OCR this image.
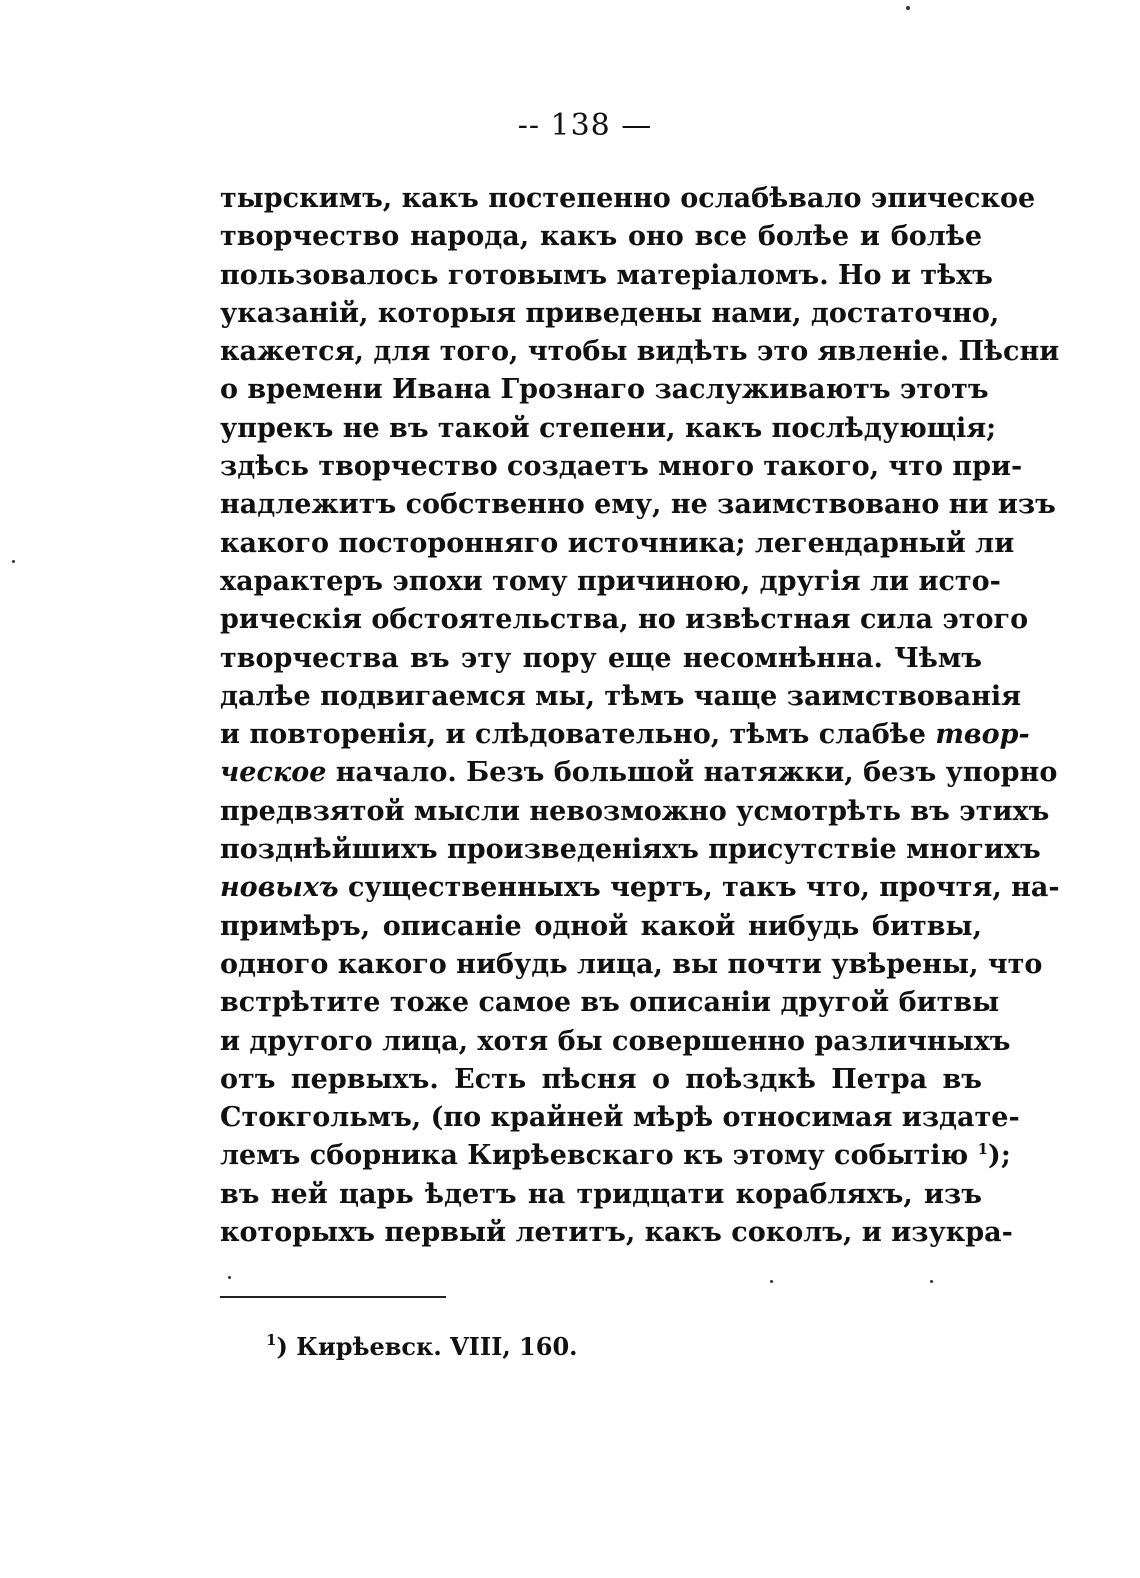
-- 138 —
тырскимъ, какъ постепенно ослабѣвало эпическое
творчество народа, какъ оно все болѣе и болѣе
пользовалось готовымъ матеріаломъ. Но и тѣхъ
указаній, которыя приведены нами, достаточно,
кажется, для того, чтобы видѣть это явленіе. Пѣсни
о времени Ивана Грознаго заслуживаютъ этотъ
упрекъ не въ такой степени, какъ послѣдующія;
здѣсь творчество создаетъ много такого, что при-
надлежитъ собственно ему, не заимствовано ни изъ
какого посторонняго источника; легендарный ли
характеръ эпохи тому причиною, другія ли исто-
рическія обстоятельства, но извѣстная сила этого
творчества въ эту пору еще несомнѣнна. Чѣмъ
далѣе подвигаемся мы, тѣмъ чаще заимствованія
и повторенія, и слѣдовательно, тѣмъ слабѣе твор-
ческое начало. Безъ большой натяжки, безъ упорно
предвзятой мысли невозможно усмотрѣть въ этихъ
позднѣйшихъ произведеніяхъ присутствіе многихъ
новыхъ существенныхъ чертъ, такъ что, прочтя, на-
примѣръ, описаніе одной какой нибудь битвы,
одного какого нибудь лица, вы почти увѣрены, что
встрѣтите тоже самое въ описаніи другой битвы
и другого лица, хотя бы совершенно различныхъ
отъ первыхъ. Есть пѣсня о поѣздкѣ Петра въ
Стокгольмъ, (по крайней мѣрѣ относимая издате-
лемъ сборника Кирѣевскаго къ этому событію $^1$);
въ ней царь ѣдетъ на тридцати корабляхъ, изъ
которыхъ первый летитъ, какъ соколъ, и изукра-
$^1$) Кирѣевск. VIII, 160.
